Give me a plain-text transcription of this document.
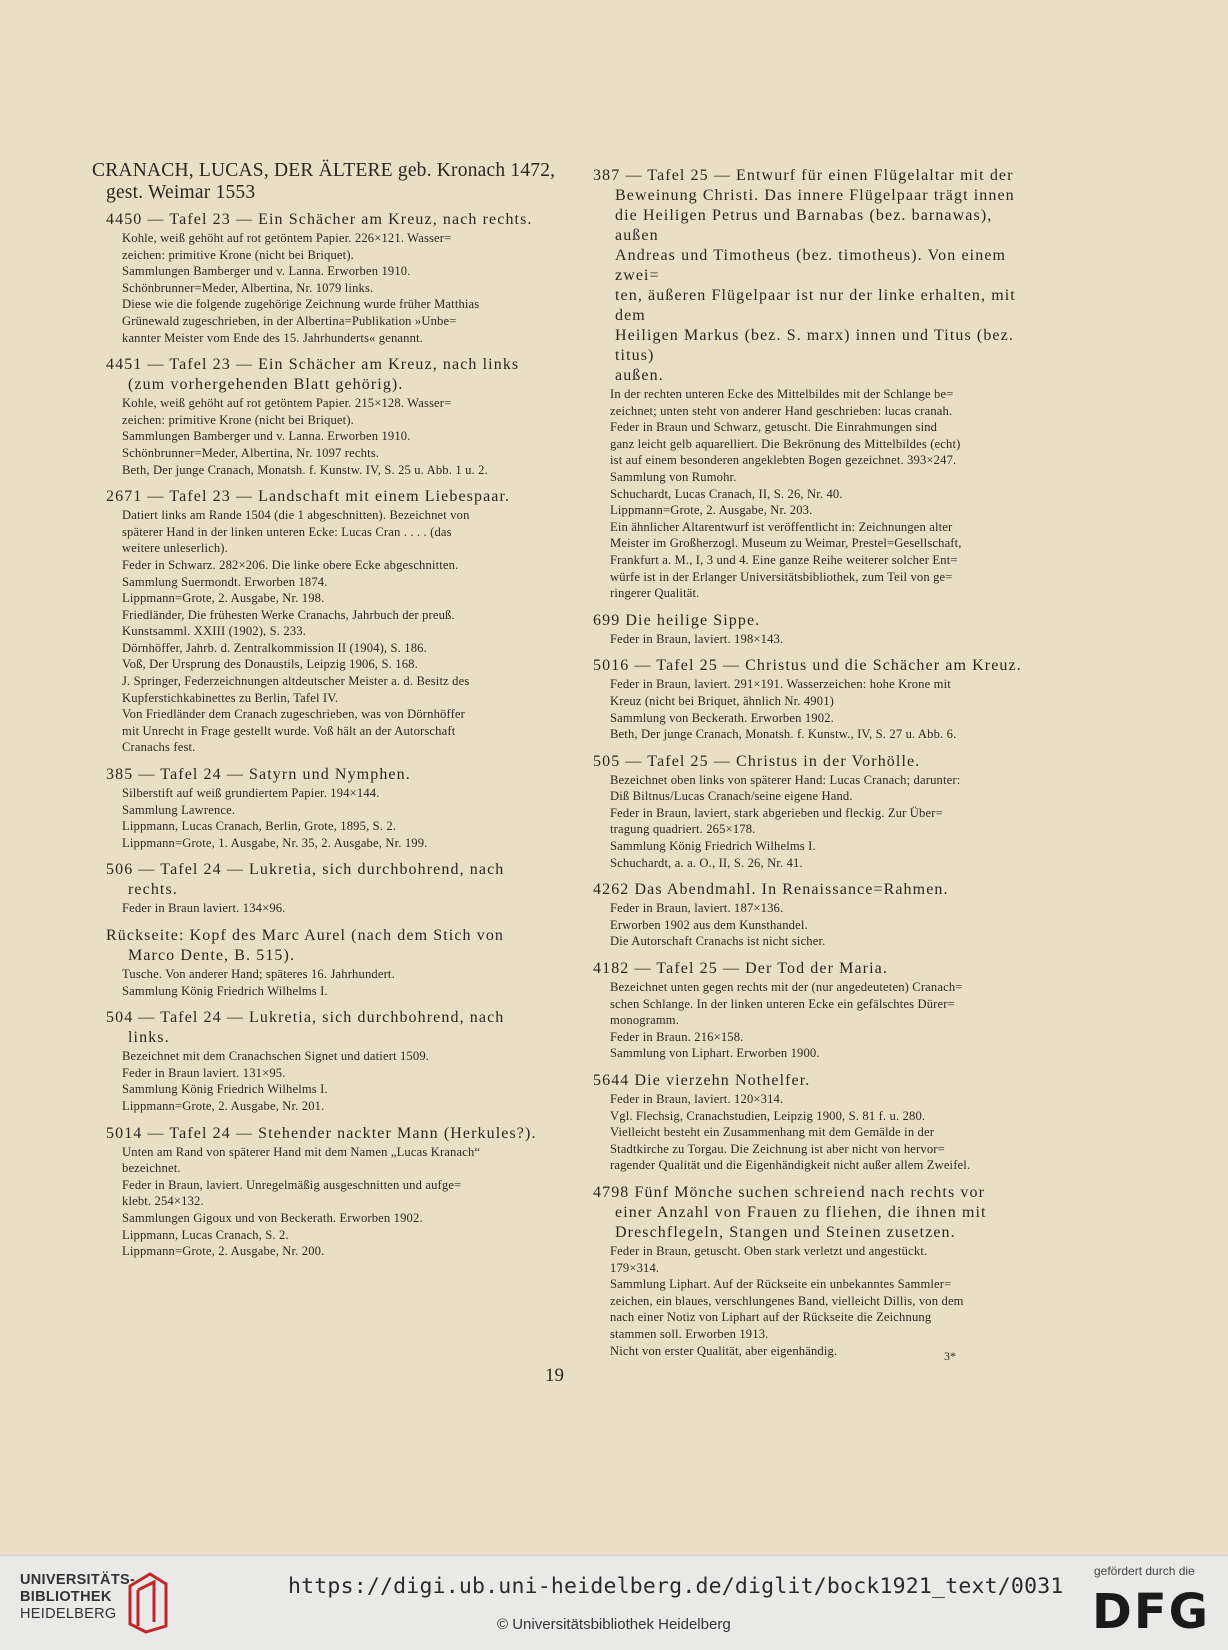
CRANACH, LUCAS, DER ÄLTERE geb. Kronach 1472,
gest. Weimar 1553
4450 — Tafel 23 — Ein Schächer am Kreuz, nach rechts.
Kohle, weiß gehöht auf rot getöntem Papier. 226×121. Wasser=
zeichen: primitive Krone (nicht bei Briquet).
Sammlungen Bamberger und v. Lanna. Erworben 1910.
Schönbrunner=Meder, Albertina, Nr. 1079 links.
Diese wie die folgende zugehörige Zeichnung wurde früher Matthias
Grünewald zugeschrieben, in der Albertina=Publikation »Unbe=
kannter Meister vom Ende des 15. Jahrhunderts« genannt.
4451 — Tafel 23 — Ein Schächer am Kreuz, nach links
(zum vorhergehenden Blatt gehörig).
Kohle, weiß gehöht auf rot getöntem Papier. 215×128. Wasser=
zeichen: primitive Krone (nicht bei Briquet).
Sammlungen Bamberger und v. Lanna. Erworben 1910.
Schönbrunner=Meder, Albertina, Nr. 1097 rechts.
Beth, Der junge Cranach, Monatsh. f. Kunstw. IV, S. 25 u. Abb. 1 u. 2.
2671 — Tafel 23 — Landschaft mit einem Liebespaar.
Datiert links am Rande 1504 (die 1 abgeschnitten). Bezeichnet von
späterer Hand in der linken unteren Ecke: Lucas Cran . . . . (das
weitere unleserlich).
Feder in Schwarz. 282×206. Die linke obere Ecke abgeschnitten.
Sammlung Suermondt. Erworben 1874.
Lippmann=Grote, 2. Ausgabe, Nr. 198.
Friedländer, Die frühesten Werke Cranachs, Jahrbuch der preuß.
Kunstsamml. XXIII (1902), S. 233.
Dörnhöffer, Jahrb. d. Zentralkommission II (1904), S. 186.
Voß, Der Ursprung des Donaustils, Leipzig 1906, S. 168.
J. Springer, Federzeichnungen altdeutscher Meister a. d. Besitz des
Kupferstichkabinettes zu Berlin, Tafel IV.
Von Friedländer dem Cranach zugeschrieben, was von Dörnhöffer
mit Unrecht in Frage gestellt wurde. Voß hält an der Autorschaft
Cranachs fest.
385 — Tafel 24 — Satyrn und Nymphen.
Silberstift auf weiß grundiertem Papier. 194×144.
Sammlung Lawrence.
Lippmann, Lucas Cranach, Berlin, Grote, 1895, S. 2.
Lippmann=Grote, 1. Ausgabe, Nr. 35, 2. Ausgabe, Nr. 199.
506 — Tafel 24 — Lukretia, sich durchbohrend, nach
rechts.
Feder in Braun laviert. 134×96.
Rückseite: Kopf des Marc Aurel (nach dem Stich von
Marco Dente, B. 515).
Tusche. Von anderer Hand; späteres 16. Jahrhundert.
Sammlung König Friedrich Wilhelms I.
504 — Tafel 24 — Lukretia, sich durchbohrend, nach
links.
Bezeichnet mit dem Cranachschen Signet und datiert 1509.
Feder in Braun laviert. 131×95.
Sammlung König Friedrich Wilhelms I.
Lippmann=Grote, 2. Ausgabe, Nr. 201.
5014 — Tafel 24 — Stehender nackter Mann (Herkules?).
Unten am Rand von späterer Hand mit dem Namen „Lucas Kranach“
bezeichnet.
Feder in Braun, laviert. Unregelmäßig ausgeschnitten und aufge=
klebt. 254×132.
Sammlungen Gigoux und von Beckerath. Erworben 1902.
Lippmann, Lucas Cranach, S. 2.
Lippmann=Grote, 2. Ausgabe, Nr. 200.
387 — Tafel 25 — Entwurf für einen Flügelaltar mit der
Beweinung Christi. Das innere Flügelpaar trägt innen
die Heiligen Petrus und Barnabas (bez. barnawas), außen
Andreas und Timotheus (bez. timotheus). Von einem zwei=
ten, äußeren Flügelpaar ist nur der linke erhalten, mit dem
Heiligen Markus (bez. S. marx) innen und Titus (bez. titus)
außen.
In der rechten unteren Ecke des Mittelbildes mit der Schlange be=
zeichnet; unten steht von anderer Hand geschrieben: lucas cranah.
Feder in Braun und Schwarz, getuscht. Die Einrahmungen sind
ganz leicht gelb aquarelliert. Die Bekrönung des Mittelbildes (echt)
ist auf einem besonderen angeklebten Bogen gezeichnet. 393×247.
Sammlung von Rumohr.
Schuchardt, Lucas Cranach, II, S. 26, Nr. 40.
Lippmann=Grote, 2. Ausgabe, Nr. 203.
Ein ähnlicher Altarentwurf ist veröffentlicht in: Zeichnungen alter
Meister im Großherzogl. Museum zu Weimar, Prestel=Gesellschaft,
Frankfurt a. M., I, 3 und 4. Eine ganze Reihe weiterer solcher Ent=
würfe ist in der Erlanger Universitätsbibliothek, zum Teil von ge=
ringerer Qualität.
699 Die heilige Sippe.
Feder in Braun, laviert. 198×143.
5016 — Tafel 25 — Christus und die Schächer am Kreuz.
Feder in Braun, laviert. 291×191. Wasserzeichen: hohe Krone mit
Kreuz (nicht bei Briquet, ähnlich Nr. 4901)
Sammlung von Beckerath. Erworben 1902.
Beth, Der junge Cranach, Monatsh. f. Kunstw., IV, S. 27 u. Abb. 6.
505 — Tafel 25 — Christus in der Vorhölle.
Bezeichnet oben links von späterer Hand: Lucas Cranach; darunter:
Diß Biltnus/Lucas Cranach/seine eigene Hand.
Feder in Braun, laviert, stark abgerieben und fleckig. Zur Über=
tragung quadriert. 265×178.
Sammlung König Friedrich Wilhelms I.
Schuchardt, a. a. O., II, S. 26, Nr. 41.
4262 Das Abendmahl. In Renaissance=Rahmen.
Feder in Braun, laviert. 187×136.
Erworben 1902 aus dem Kunsthandel.
Die Autorschaft Cranachs ist nicht sicher.
4182 — Tafel 25 — Der Tod der Maria.
Bezeichnet unten gegen rechts mit der (nur angedeuteten) Cranach=
schen Schlange. In der linken unteren Ecke ein gefälschtes Dürer=
monogramm.
Feder in Braun. 216×158.
Sammlung von Liphart. Erworben 1900.
5644 Die vierzehn Nothelfer.
Feder in Braun, laviert. 120×314.
Vgl. Flechsig, Cranachstudien, Leipzig 1900, S. 81 f. u. 280.
Vielleicht besteht ein Zusammenhang mit dem Gemälde in der
Stadtkirche zu Torgau. Die Zeichnung ist aber nicht von hervor=
ragender Qualität und die Eigenhändigkeit nicht außer allem Zweifel.
4798 Fünf Mönche suchen schreiend nach rechts vor
einer Anzahl von Frauen zu fliehen, die ihnen mit
Dreschflegeln, Stangen und Steinen zusetzen.
Feder in Braun, getuscht. Oben stark verletzt und angestückt.
179×314.
Sammlung Liphart. Auf der Rückseite ein unbekanntes Sammler=
zeichen, ein blaues, verschlungenes Band, vielleicht Dillis, von dem
nach einer Notiz von Liphart auf der Rückseite die Zeichnung
stammen soll. Erworben 1913.
Nicht von erster Qualität, aber eigenhändig.	3*
19
UNIVERSITÄTS-
BIBLIOTHEK
HEIDELBERG
https://digi.ub.uni-heidelberg.de/diglit/bock1921_text/0031
© Universitätsbibliothek Heidelberg
gefördert durch die
DFG
